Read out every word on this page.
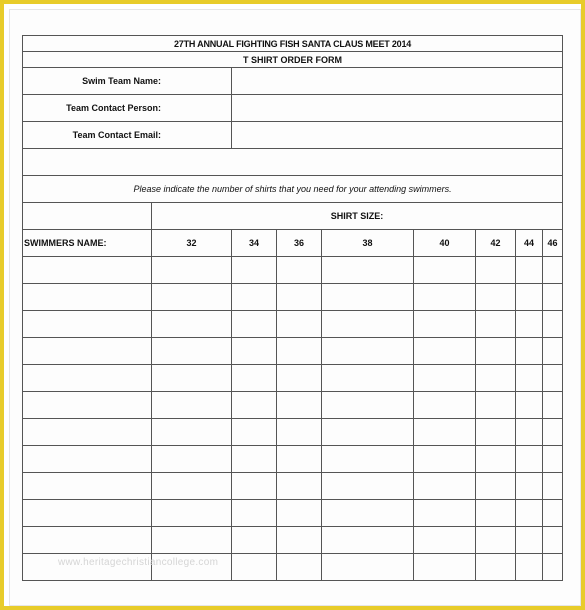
27TH ANNUAL FIGHTING FISH SANTA CLAUS MEET 2014								
T SHIRT ORDER FORM								
Swim Team Name:								
Team Contact Person:								
Team Contact Email:								

Please indicate the number of shirts that you need for your attending swimmers.								
	SHIRT SIZE:							
SWIMMERS NAME:	32	34	36	38	40	42	44	46

www.heritagechristiancollege.com
